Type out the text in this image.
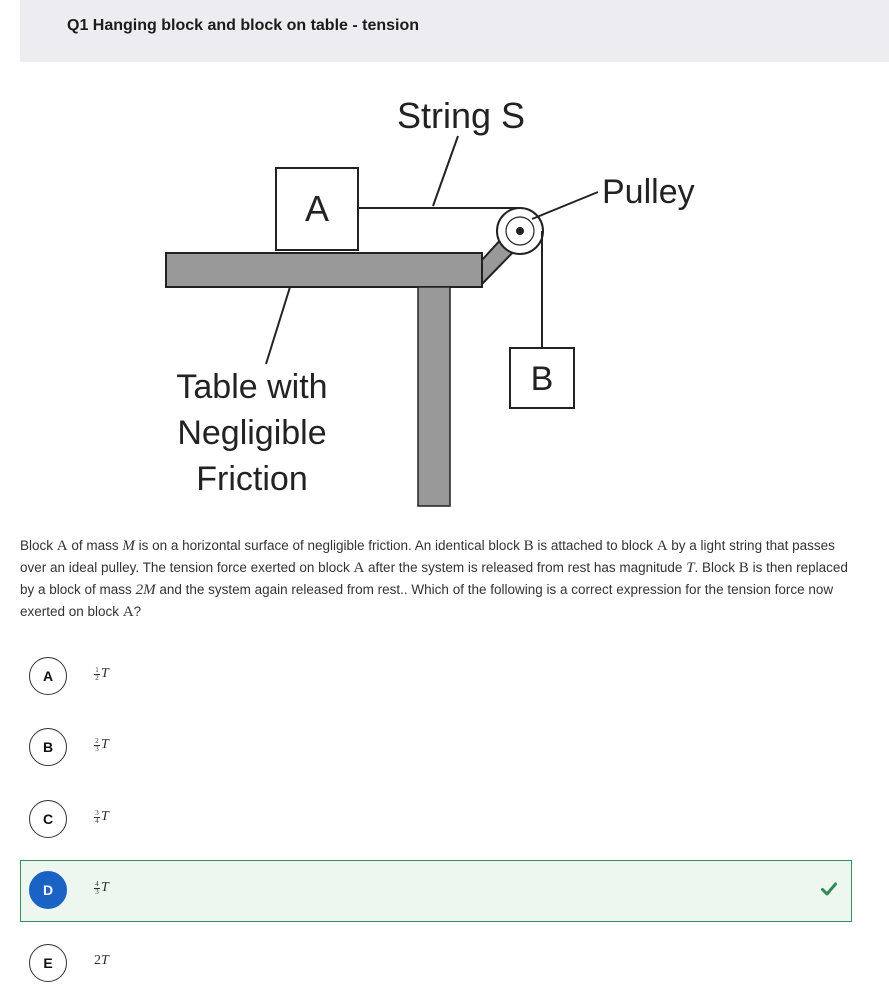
Q1 Hanging block and block on table - tension
A
B
String S
Pulley
Table with
Negligible
Friction
Block A of mass M is on a horizontal surface of negligible friction. An identical block B is attached to block A by a light string that passes over an ideal pulley. The tension force exerted on block A after the system is released from rest has magnitude T. Block B is then replaced by a block of mass 2M and the system again released from rest.. Which of the following is a correct expression for the tension force now exerted on block A?
A	$\frac{1}{2}$ T
B	$\frac{2}{3}$ T
C	$\frac{3}{4}$ T
D	$\frac{4}{3}$ T
E	2 T
